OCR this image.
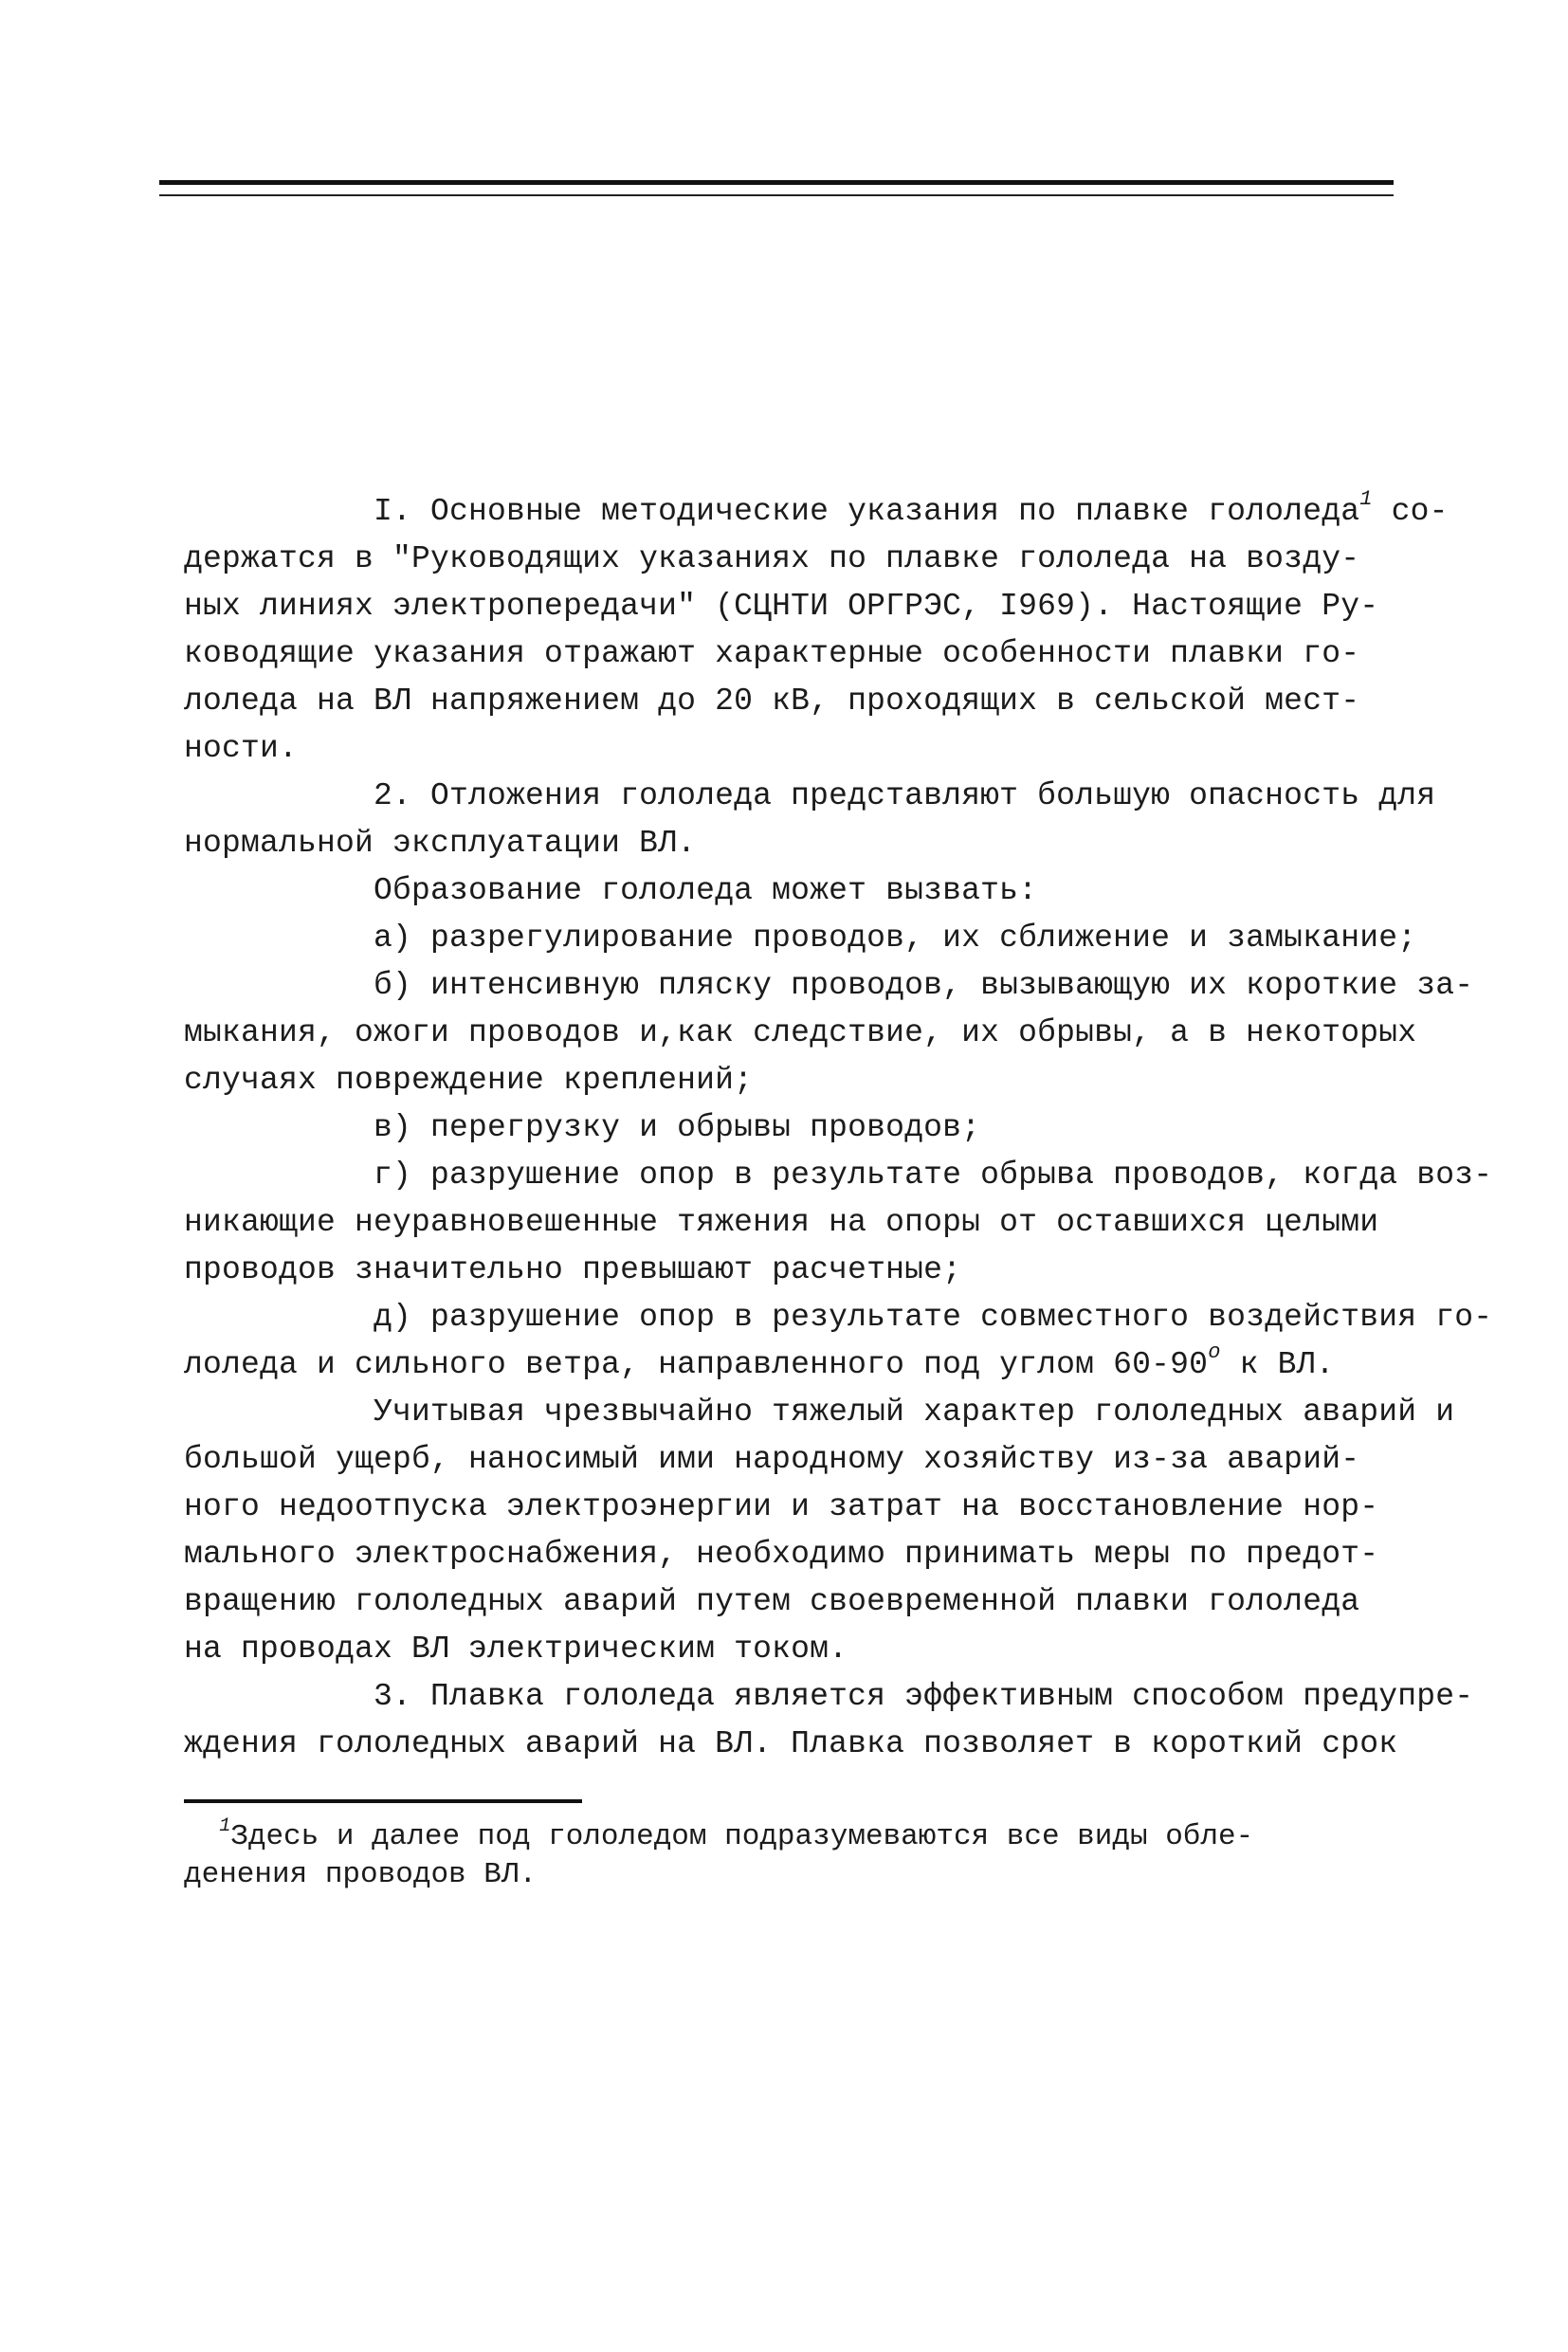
I. Основные методические указания по плавке гололеда$^1$ со-
держатся в "Руководящих указаниях по плавке гололеда на возду-
ных линиях электропередачи" (СЦНТИ ОРГРЭС, I969). Настоящие Ру-
ководящие указания отражают характерные особенности плавки го-
лоледа на ВЛ напряжением до 20 кВ, проходящих в сельской мест-
ности.
2. Отложения гололеда представляют большую опасность для
нормальной эксплуатации ВЛ.
Образование гололеда может вызвать:
а) разрегулирование проводов, их сближение и замыкание;
б) интенсивную пляску проводов, вызывающую их короткие за-
мыкания, ожоги проводов и,как следствие, их обрывы, а в некоторых
случаях повреждение креплений;
в) перегрузку и обрывы проводов;
г) разрушение опор в результате обрыва проводов, когда воз-
никающие неуравновешенные тяжения на опоры от оставшихся целыми
проводов значительно превышают расчетные;
д) разрушение опор в результате совместного воздействия го-
лоледа и сильного ветра, направленного под углом 60-90$^о$ к ВЛ.
Учитывая чрезвычайно тяжелый характер гололедных аварий и
большой ущерб, наносимый ими народному хозяйству из-за аварий-
ного недоотпуска электроэнергии и затрат на восстановление нор-
мального электроснабжения, необходимо принимать меры по предот-
вращению гололедных аварий путем своевременной плавки гололеда
на проводах ВЛ электрическим током.
3. Плавка гололеда является эффективным способом предупре-
ждения гололедных аварий на ВЛ. Плавка позволяет в короткий срок
$^1$Здесь и далее под гололедом подразумеваются все виды обле-
денения проводов ВЛ.
